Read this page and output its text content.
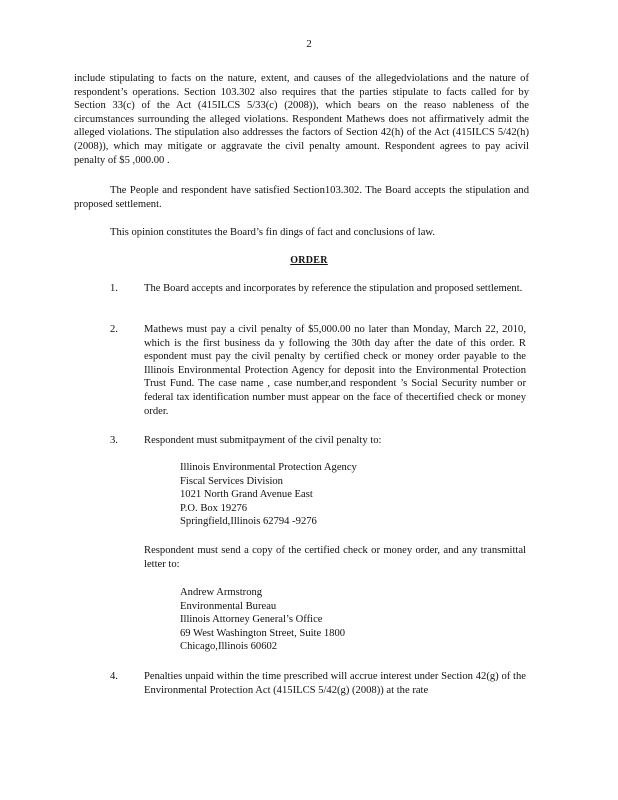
2
include stipulating to facts on the nature, extent, and causes of the allegedviolations and the nature of respondent’s operations. Section 103.302 also requires that the parties stipulate to facts called for by Section 33(c) of the Act (415ILCS 5/33(c) (2008)), which bears on the reaso nableness of the circumstances surrounding the alleged violations. Respondent Mathews does not affirmatively admit the alleged violations. The stipulation also addresses the factors of Section 42(h) of the Act (415ILCS 5/42(h) (2008)), which may mitigate or aggravate the civil penalty amount. Respondent agrees to pay acivil penalty of $5 ,000.00 .
The People and respondent have satisfied Section103.302. The Board accepts the stipulation and proposed settlement.
This opinion constitutes the Board’s fin dings of fact and conclusions of law.
ORDER
1.	The Board accepts and incorporates by reference the stipulation and proposed settlement.
2.	Mathews must pay a civil penalty of $5,000.00 no later than Monday, March 22, 2010, which is the first business da y following the 30th day after the date of this order. R espondent must pay the civil penalty by certified check or money order payable to the Illinois Environmental Protection Agency for deposit into the Environmental Protection Trust Fund. The case name , case number,and respondent ’s Social Security number or federal tax identification number must appear on the face of thecertified check or money order.
3.	Respondent must submitpayment of the civil penalty to:
Illinois Environmental Protection Agency
Fiscal Services Division
1021 North Grand Avenue East
P.O. Box 19276
Springfield,Illinois 62794 -9276
Respondent must send a copy of the certified check or money order, and any transmittal letter to:
Andrew Armstrong
Environmental Bureau
Illinois Attorney General’s Office
69 West Washington Street, Suite 1800
Chicago,Illinois 60602
4.	Penalties unpaid within the time prescribed will accrue interest under Section 42(g) of the Environmental Protection Act (415ILCS 5/42(g) (2008)) at the rate
